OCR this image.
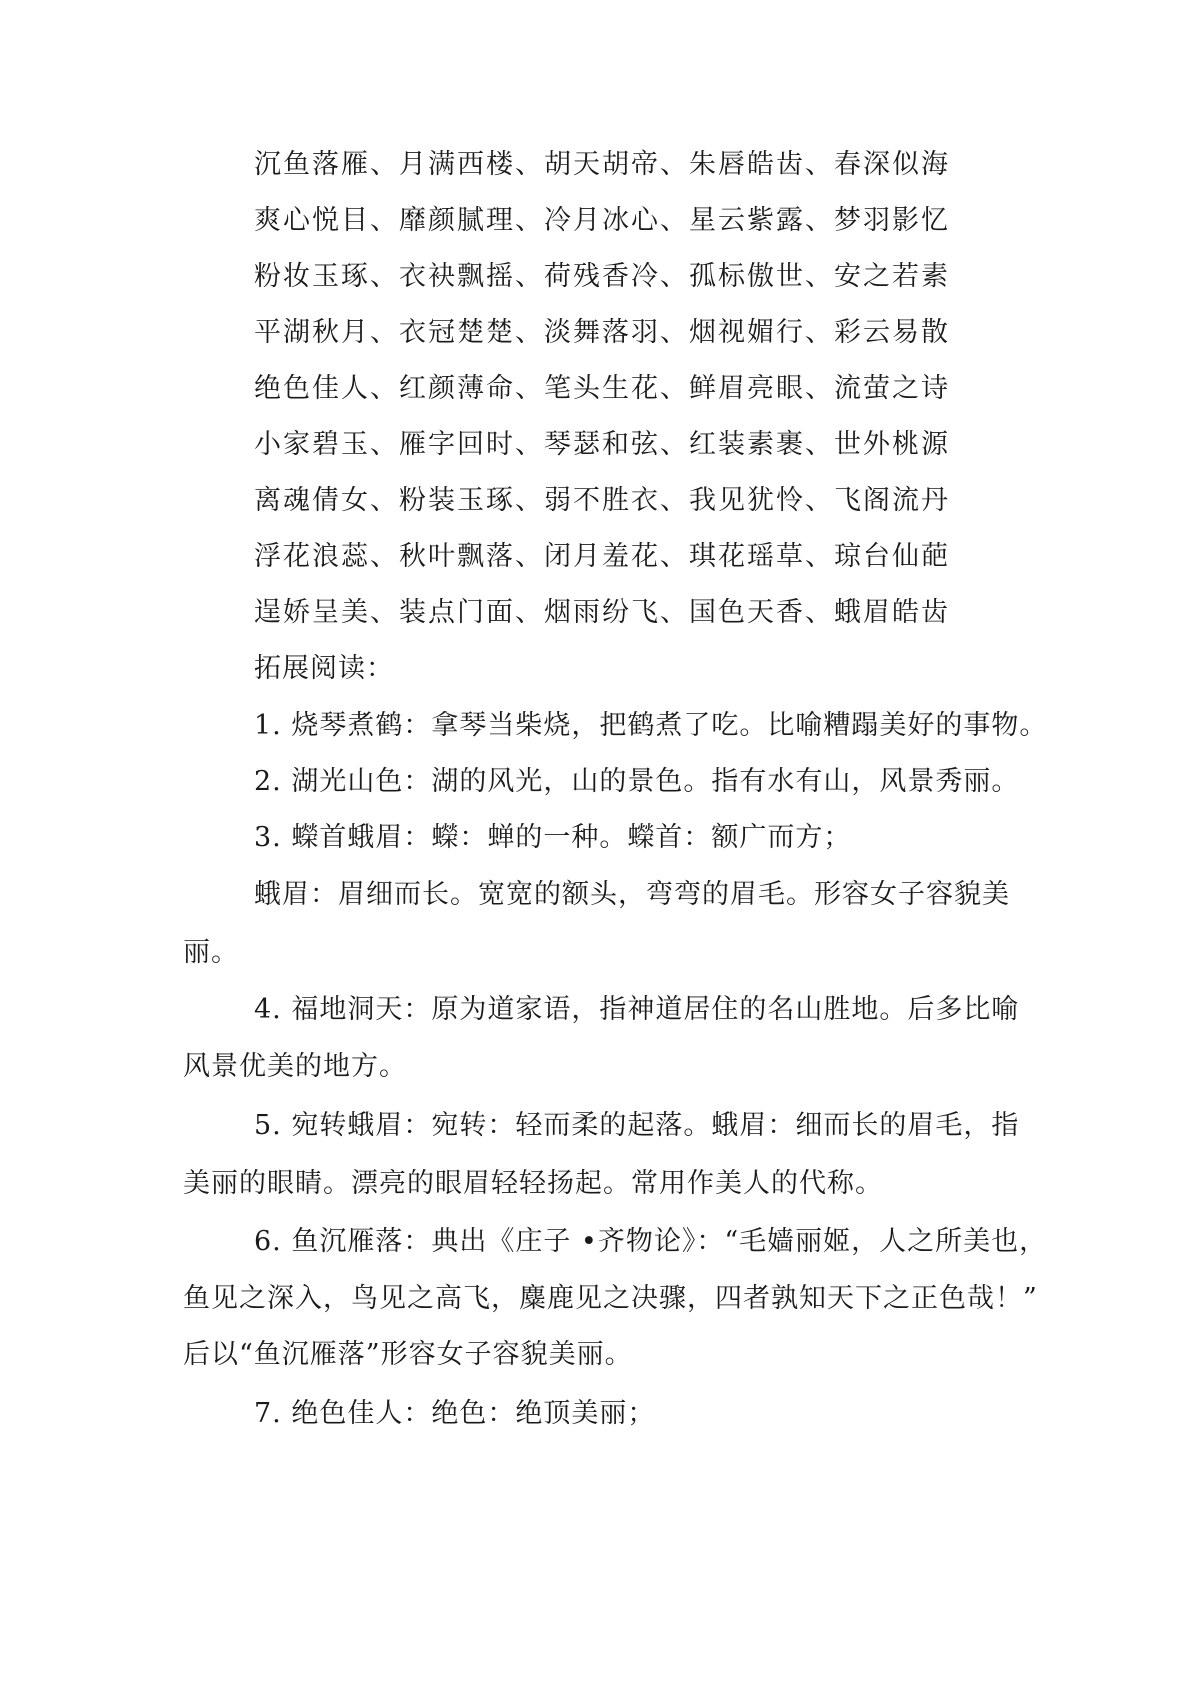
沉鱼落雁、月满西楼、胡天胡帝、朱唇皓齿、春深似海
爽心悦目、靡颜腻理、冷月冰心、星云紫露、梦羽影忆
粉妆玉琢、衣袂飘摇、荷残香冷、孤标傲世、安之若素
平湖秋月、衣冠楚楚、淡舞落羽、烟视媚行、彩云易散
绝色佳人、红颜薄命、笔头生花、鲜眉亮眼、流萤之诗
小家碧玉、雁字回时、琴瑟和弦、红装素裹、世外桃源
离魂倩女、粉装玉琢、弱不胜衣、我见犹怜、飞阁流丹
浮花浪蕊、秋叶飘落、闭月羞花、琪花瑶草、琼台仙葩
逞娇呈美、装点门面、烟雨纷飞、国色天香、蛾眉皓齿
拓展阅读：
1. 烧琴煮鹤：拿琴当柴烧，把鹤煮了吃。比喻糟蹋美好的事物。
2. 湖光山色：湖的风光，山的景色。指有水有山，风景秀丽。
3. 蠑首蛾眉：蠑：蝉的一种。蠑首：额广而方；
蛾眉：眉细而长。宽宽的额头，弯弯的眉毛。形容女子容貌美
丽。
4. 福地洞天：原为道家语，指神道居住的名山胜地。后多比喻
风景优美的地方。
5. 宛转蛾眉：宛转：轻而柔的起落。蛾眉：细而长的眉毛，指
美丽的眼睛。漂亮的眼眉轻轻扬起。常用作美人的代称。
6. 鱼沉雁落：典出《庄子 •齐物论》：“毛嫱丽姬，人之所美也，
鱼见之深入，鸟见之高飞，麋鹿见之决骤，四者孰知天下之正色哉！”
后以“鱼沉雁落”形容女子容貌美丽。
7. 绝色佳人：绝色：绝顶美丽；
